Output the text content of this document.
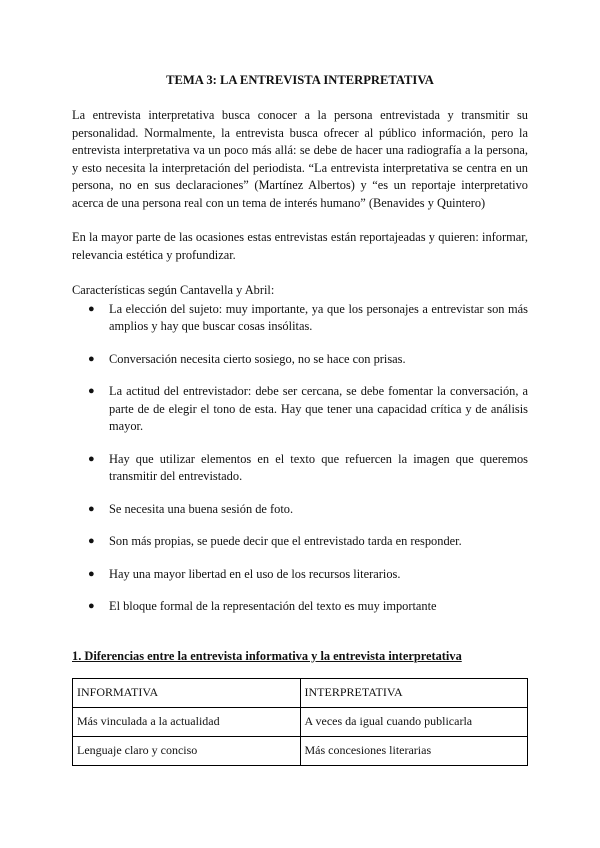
TEMA 3: LA ENTREVISTA INTERPRETATIVA

La entrevista interpretativa busca conocer a la persona entrevistada y transmitir su personalidad. Normalmente, la entrevista busca ofrecer al público información, pero la entrevista interpretativa va un poco más allá: se debe de hacer una radiografía a la persona, y esto necesita la interpretación del periodista. “La entrevista interpretativa se centra en un persona, no en sus declaraciones” (Martínez Albertos) y “es un reportaje interpretativo acerca de una persona real con un tema de interés humano” (Benavides y Quintero)

En la mayor parte de las ocasiones estas entrevistas están reportajeadas y quieren: informar, relevancia estética y profundizar.

Características según Cantavella y Abril:

● La elección del sujeto: muy importante, ya que los personajes a entrevistar son más amplios y hay que buscar cosas insólitas.
● Conversación necesita cierto sosiego, no se hace con prisas.
● La actitud del entrevistador: debe ser cercana, se debe fomentar la conversación, a parte de de elegir el tono de esta. Hay que tener una capacidad crítica y de análisis mayor.
● Hay que utilizar elementos en el texto que refuercen la imagen que queremos transmitir del entrevistado.
● Se necesita una buena sesión de foto.
● Son más propias, se puede decir que el entrevistado tarda en responder.
● Hay una mayor libertad en el uso de los recursos literarios.
● El bloque formal de la representación del texto es muy importante
1. Diferencias entre la entrevista informativa y la entrevista interpretativa
INFORMATIVA	INTERPRETATIVA
Más vinculada a la actualidad	A veces da igual cuando publicarla
Lenguaje claro y conciso	Más concesiones literarias
